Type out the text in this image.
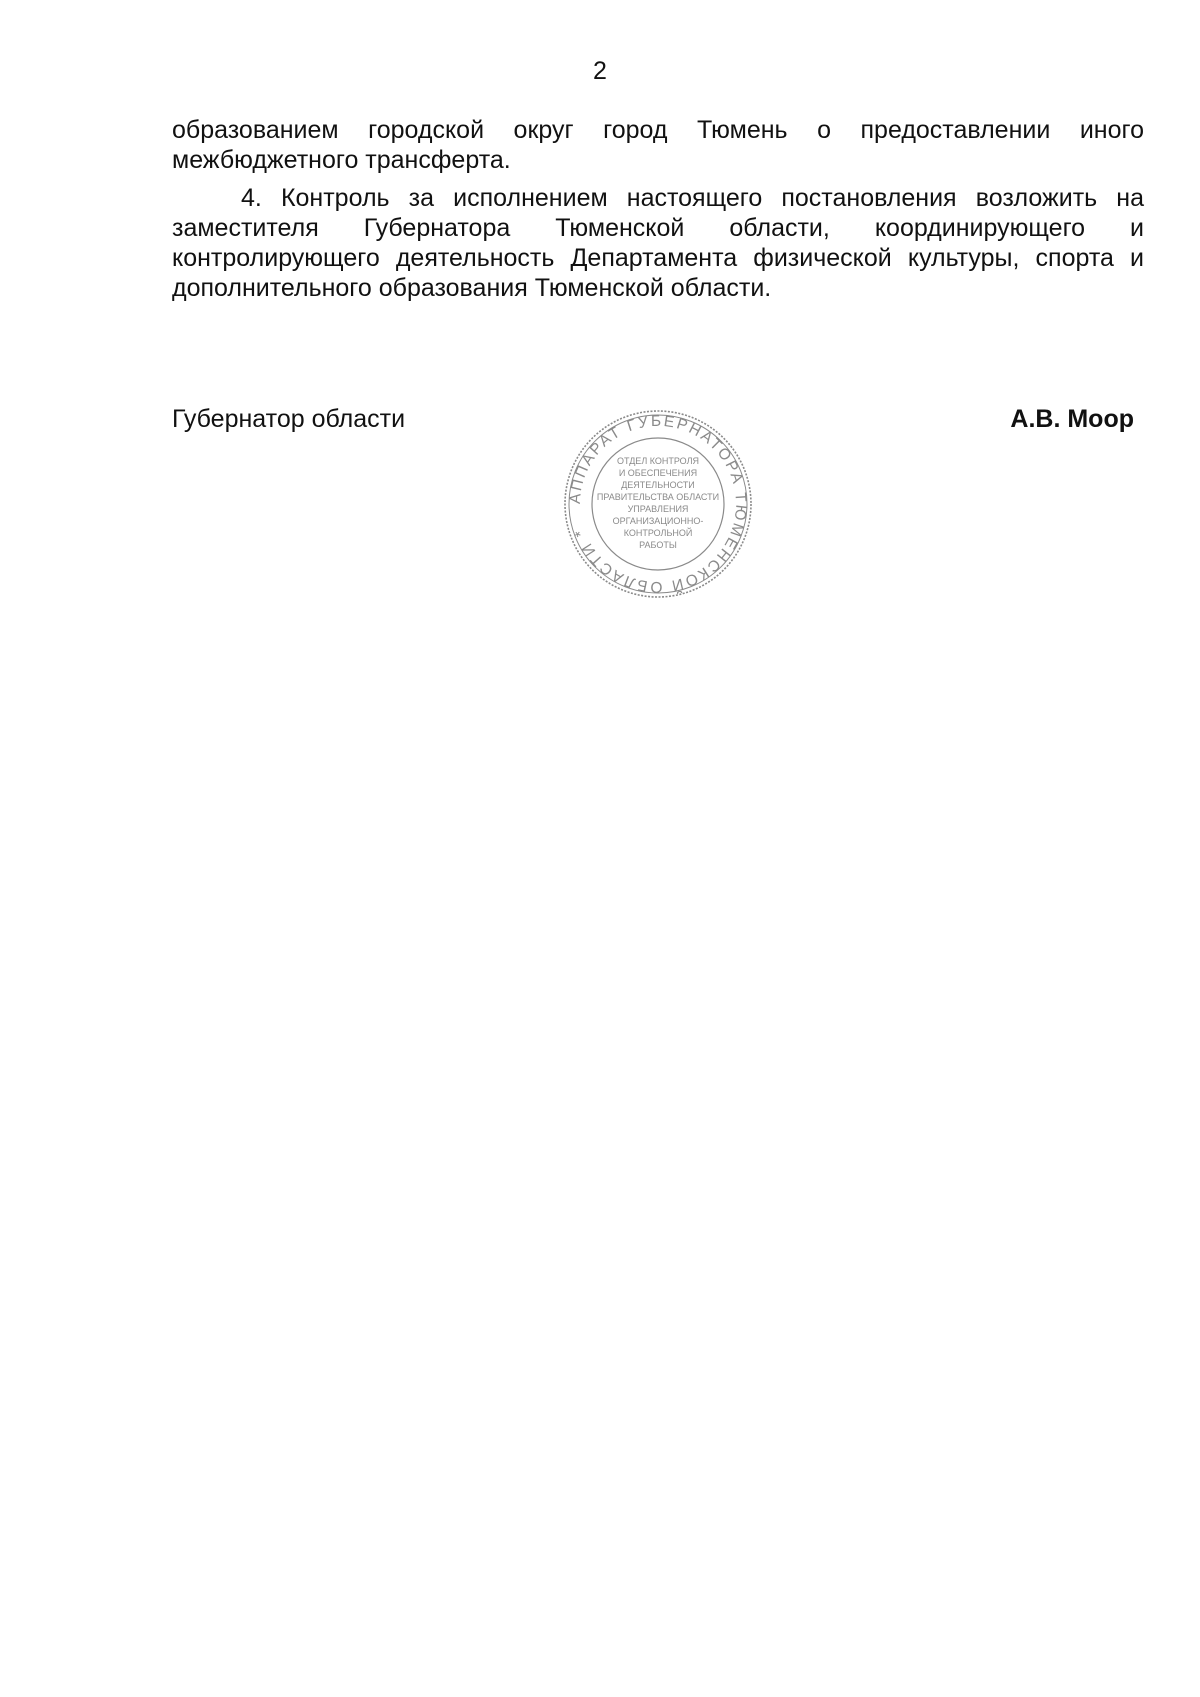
2

образованием городской округ город Тюмень о предоставлении иного межбюджетного трансферта.

4. Контроль за исполнением настоящего постановления возложить на заместителя Губернатора Тюменской области, координирующего и контролирующего деятельность Департамента физической культуры, спорта и дополнительного образования Тюменской области.

Губернатор области	А.В. Моор
АППАРАТ ГУБЕРНАТОРА ТЮМЕНСКОЙ ОБЛАСТИ *
ОТДЕЛ КОНТРОЛЯ
И ОБЕСПЕЧЕНИЯ
ДЕЯТЕЛЬНОСТИ
ПРАВИТЕЛЬСТВА ОБЛАСТИ
УПРАВЛЕНИЯ
ОРГАНИЗАЦИОННО-
КОНТРОЛЬНОЙ
РАБОТЫ
